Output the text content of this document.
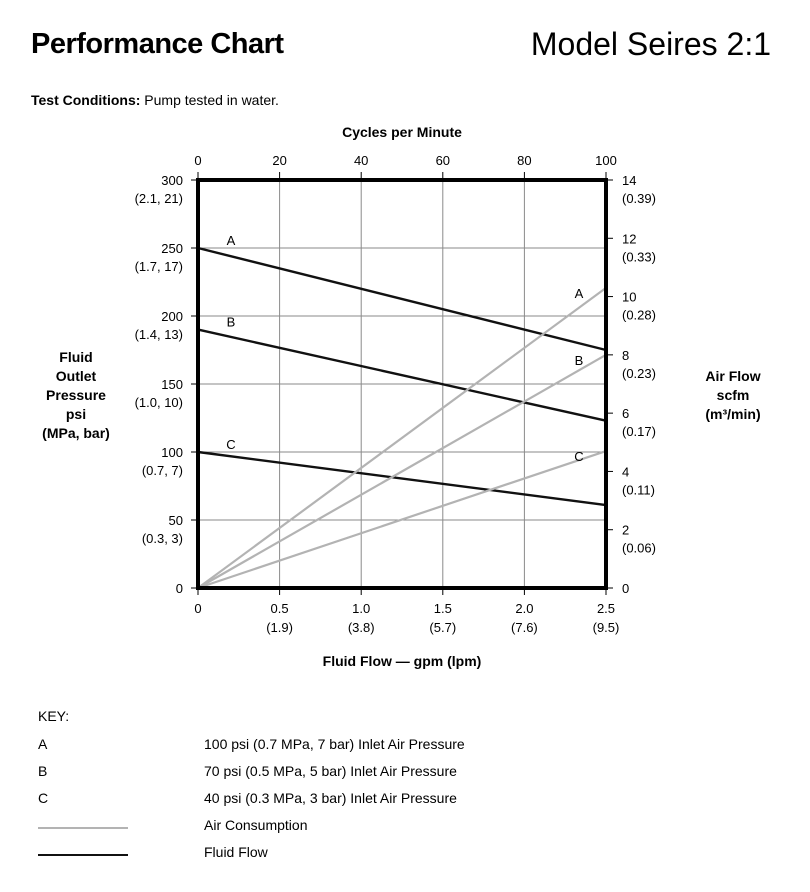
Performance Chart	Model Seires 2:1
Test Conditions: Pump tested in water.
Fluid
Outlet
Pressure
psi
(MPa, bar)
Air Flow
scfm
(m³/min)
A
B
C
A
B
C
0
50
(0.3, 3)
100
(0.7, 7)
150
(1.0, 10)
200
(1.4, 13)
250
(1.7, 17)
300
(2.1, 21)
0
2
(0.06)
4
(0.11)
6
(0.17)
8
(0.23)
10
(0.28)
12
(0.33)
14
(0.39)
0	20	40	60	80	100
Cycles per Minute
0	0.5
(1.9)
1.0
(3.8)
1.5
(5.7)
2.0
(7.6)
2.5
(9.5)
Fluid Flow — gpm (lpm)
KEY:
A	100 psi (0.7 MPa, 7 bar) Inlet Air Pressure
B	70 psi (0.5 MPa, 5 bar) Inlet Air Pressure
C	40 psi (0.3 MPa, 3 bar) Inlet Air Pressure
Air Consumption
Fluid Flow
